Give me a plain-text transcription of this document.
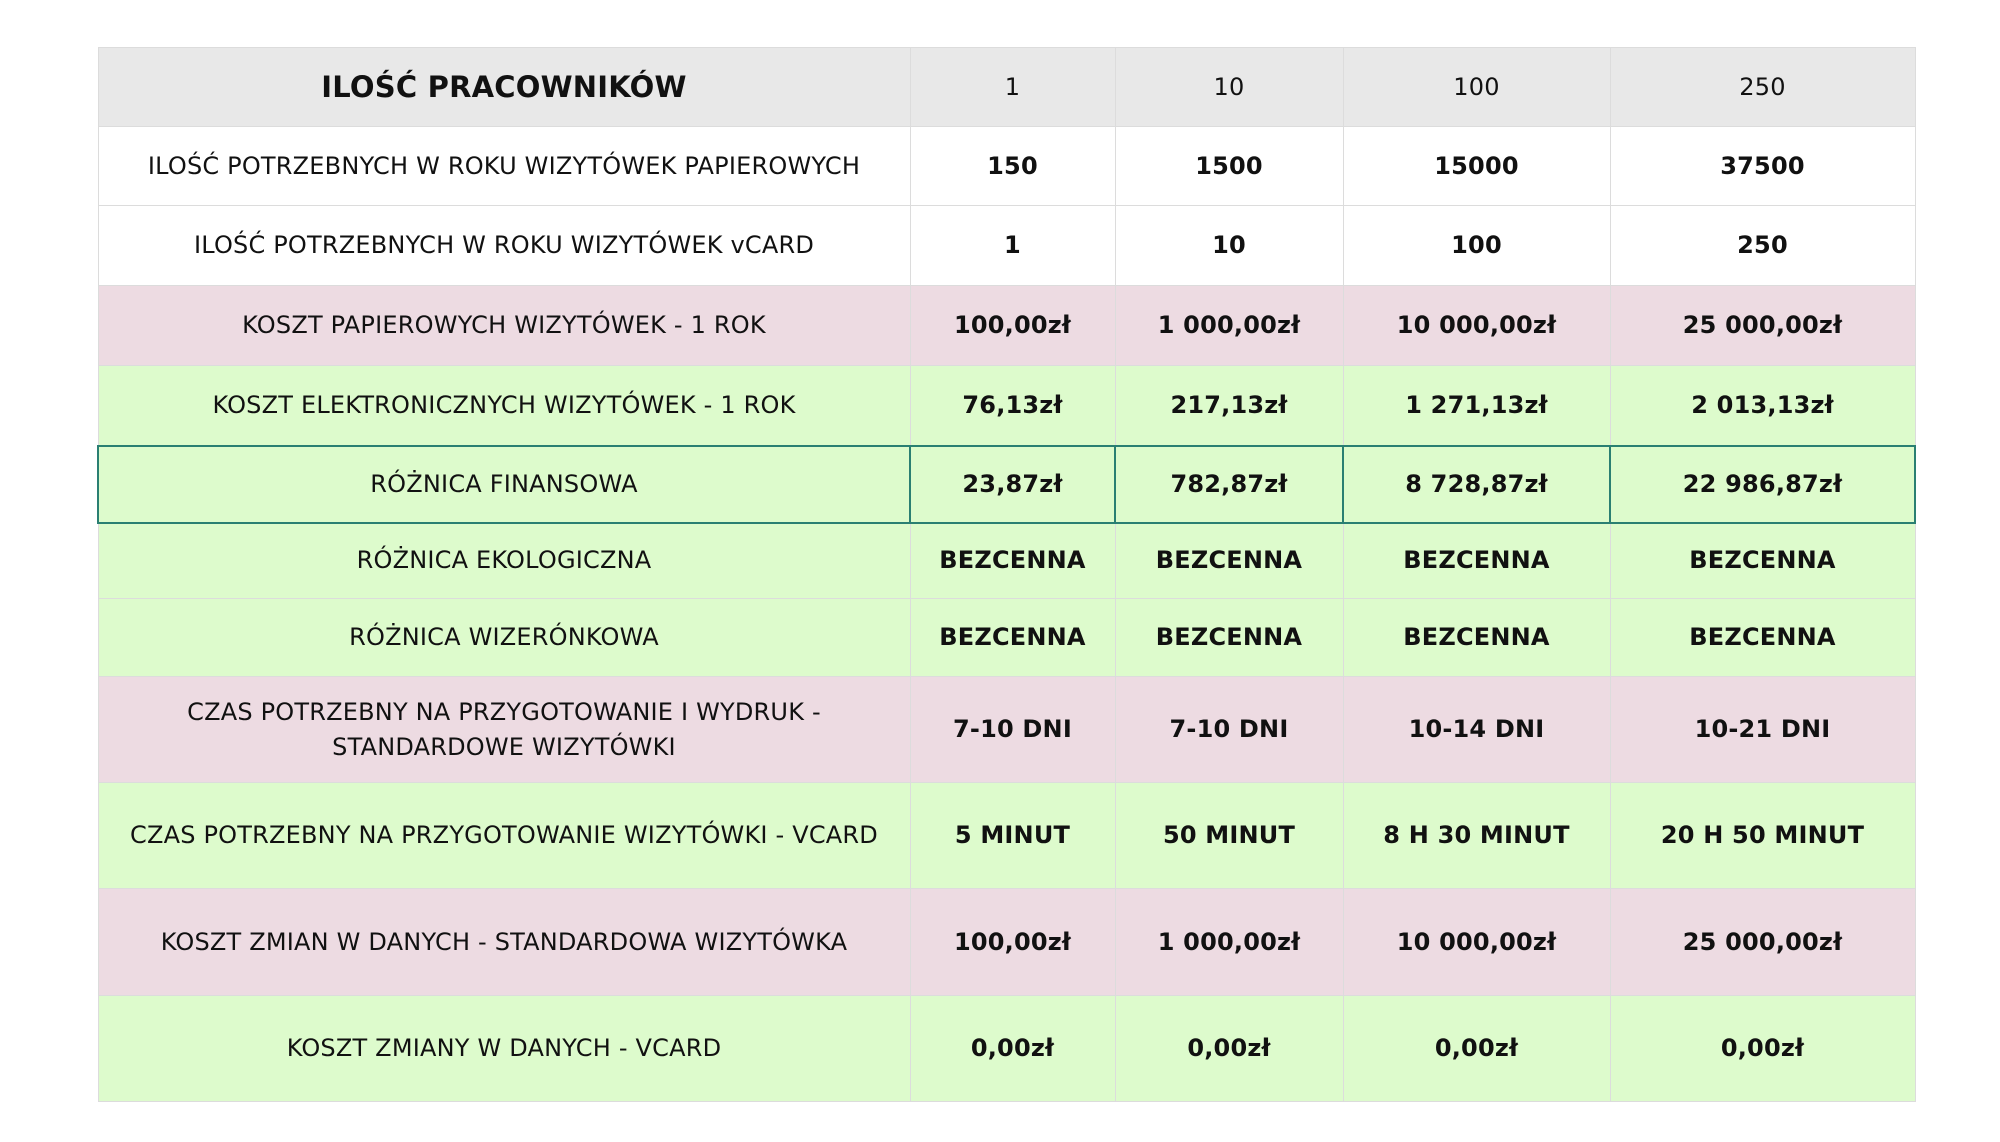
ILOŚĆ PRACOWNIKÓW	1	10	100	250
ILOŚĆ POTRZEBNYCH W ROKU WIZYTÓWEK PAPIEROWYCH	150	1500	15000	37500
ILOŚĆ POTRZEBNYCH W ROKU WIZYTÓWEK vCARD	1	10	100	250
KOSZT PAPIEROWYCH WIZYTÓWEK - 1 ROK	100,00zł	1 000,00zł	10 000,00zł	25 000,00zł
KOSZT ELEKTRONICZNYCH WIZYTÓWEK - 1 ROK	76,13zł	217,13zł	1 271,13zł	2 013,13zł
RÓŻNICA FINANSOWA	23,87zł	782,87zł	8 728,87zł	22 986,87zł
RÓŻNICA EKOLOGICZNA	BEZCENNA	BEZCENNA	BEZCENNA	BEZCENNA
RÓŻNICA WIZERÓNKOWA	BEZCENNA	BEZCENNA	BEZCENNA	BEZCENNA

CZAS POTRZEBNY NA PRZYGOTOWANIE I WYDRUK -
STANDARDOWE WIZYTÓWKI	7-10 DNI	7-10 DNI	10-14 DNI	10-21 DNI
CZAS POTRZEBNY NA PRZYGOTOWANIE WIZYTÓWKI - VCARD	5 MINUT	50 MINUT	8 H 30 MINUT	20 H 50 MINUT
KOSZT ZMIAN W DANYCH - STANDARDOWA WIZYTÓWKA	100,00zł	1 000,00zł	10 000,00zł	25 000,00zł
KOSZT ZMIANY W DANYCH - VCARD	0,00zł	0,00zł	0,00zł	0,00zł
